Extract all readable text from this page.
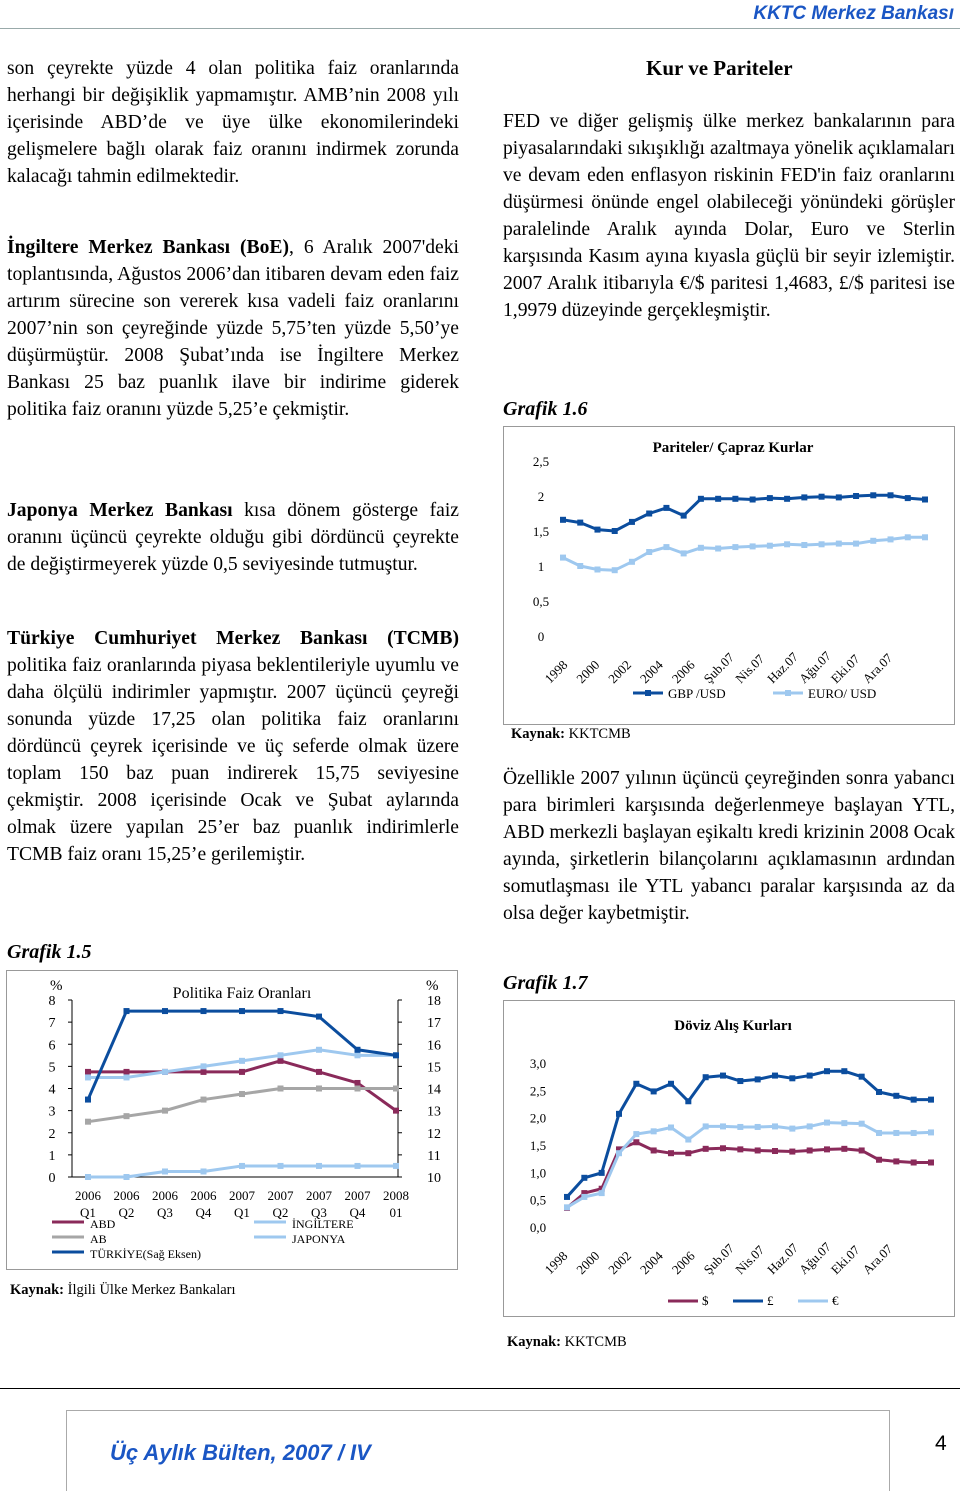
KKTC Merkez Bankası

son çeyrekte yüzde 4 olan politika faiz oranlarında herhangi bir değişiklik yapmamıştır. AMB’nin 2008 yılı içerisinde ABD’de ve üye ülke ekonomilerindeki gelişmelere bağlı olarak faiz oranını indirmek zorunda kalacağı tahmin edilmektedir.

İngiltere Merkez Bankası (BoE), 6 Aralık 2007'deki toplantısında, Ağustos 2006’dan itibaren devam eden faiz artırım sürecine son vererek kısa vadeli faiz oranlarını 2007’nin son çeyreğinde yüzde 5,75’ten yüzde 5,50’ye düşürmüştür. 2008 Şubat’ında ise İngiltere Merkez Bankası 25 baz puanlık ilave bir indirime giderek politika faiz oranını yüzde 5,25’e çekmiştir.

Japonya Merkez Bankası kısa dönem gösterge faiz oranını üçüncü çeyrekte olduğu gibi dördüncü çeyrekte de değiştirmeyerek yüzde 0,5 seviyesinde tutmuştur.

Türkiye Cumhuriyet Merkez Bankası (TCMB) politika faiz oranlarında piyasa beklentileriyle uyumlu ve daha ölçülü indirimler yapmıştır. 2007 üçüncü çeyreği sonunda yüzde 17,25 olan politika faiz oranlarını dördüncü çeyrek içerisinde ve üç seferde olmak üzere toplam 150 baz puan indirerek 15,75 seviyesine çekmiştir. 2008 içerisinde Ocak ve Şubat aylarında olmak üzere yapılan 25’er baz puanlık indirimlerle TCMB faiz oranı 15,25’e gerilemiştir.

Grafik 1.5
Politika Faiz Oranları
%	%
0
1
2
3
4
5
6
7
8
10
11
12
13
14
15
16
17
18
2006
Q1
2006
Q2
2006
Q3
2006
Q4
2007
Q1
2007
Q2
2007
Q3
2007
Q4
2008
01
ABD
AB
TÜRKİYE(Sağ Eksen)
İNGİLTERE
JAPONYA
Kaynak: İlgili Ülke Merkez Bankaları
Kur ve Pariteler

FED ve diğer gelişmiş ülke merkez bankalarının para piyasalarındaki sıkışıklığı azaltmaya yönelik açıklamaları ve devam eden enflasyon riskinin FED'in faiz oranlarını düşürmesi önünde engel olabileceği yönündeki görüşler paralelinde Aralık ayında Dolar, Euro ve Sterlin karşısında Kasım ayına kıyasla güçlü bir seyir izlemiştir. 2007 Aralık itibarıyla €/$ paritesi 1,4683, £/$ paritesi ise 1,9979 düzeyinde gerçekleşmiştir.

Grafik 1.6
Pariteler/ Çapraz Kurlar
0
0,5
1
1,5
2
2,5
1998 2000 2002 2004 2006 Şub.07
Nis.07
Haz.07
Ağu.07
Eki.07
Ara.07
GBP /USD	EURO/ USD
Kaynak: KKTCMB

Özellikle 2007 yılının üçüncü çeyreğinden sonra yabancı para birimleri karşısında değerlenmeye başlayan YTL, ABD merkezli başlayan eşikaltı kredi krizinin 2008 Ocak ayında, şirketlerin bilançolarını açıklamasının ardından somutlaşması ile YTL yabancı paralar karşısında az da olsa değer kaybetmiştir.

Grafik 1.7
Döviz Alış Kurları
0,0
0,5
1,0
1,5
2,0
2,5
3,0
1998 2000 2002 2004 2006 Şub.07
Nis.07
Haz.07
Ağu.07
Eki.07
Ara.07
$	£	€
Kaynak: KKTCMB
Üç Aylık Bülten, 2007 / IV	4
